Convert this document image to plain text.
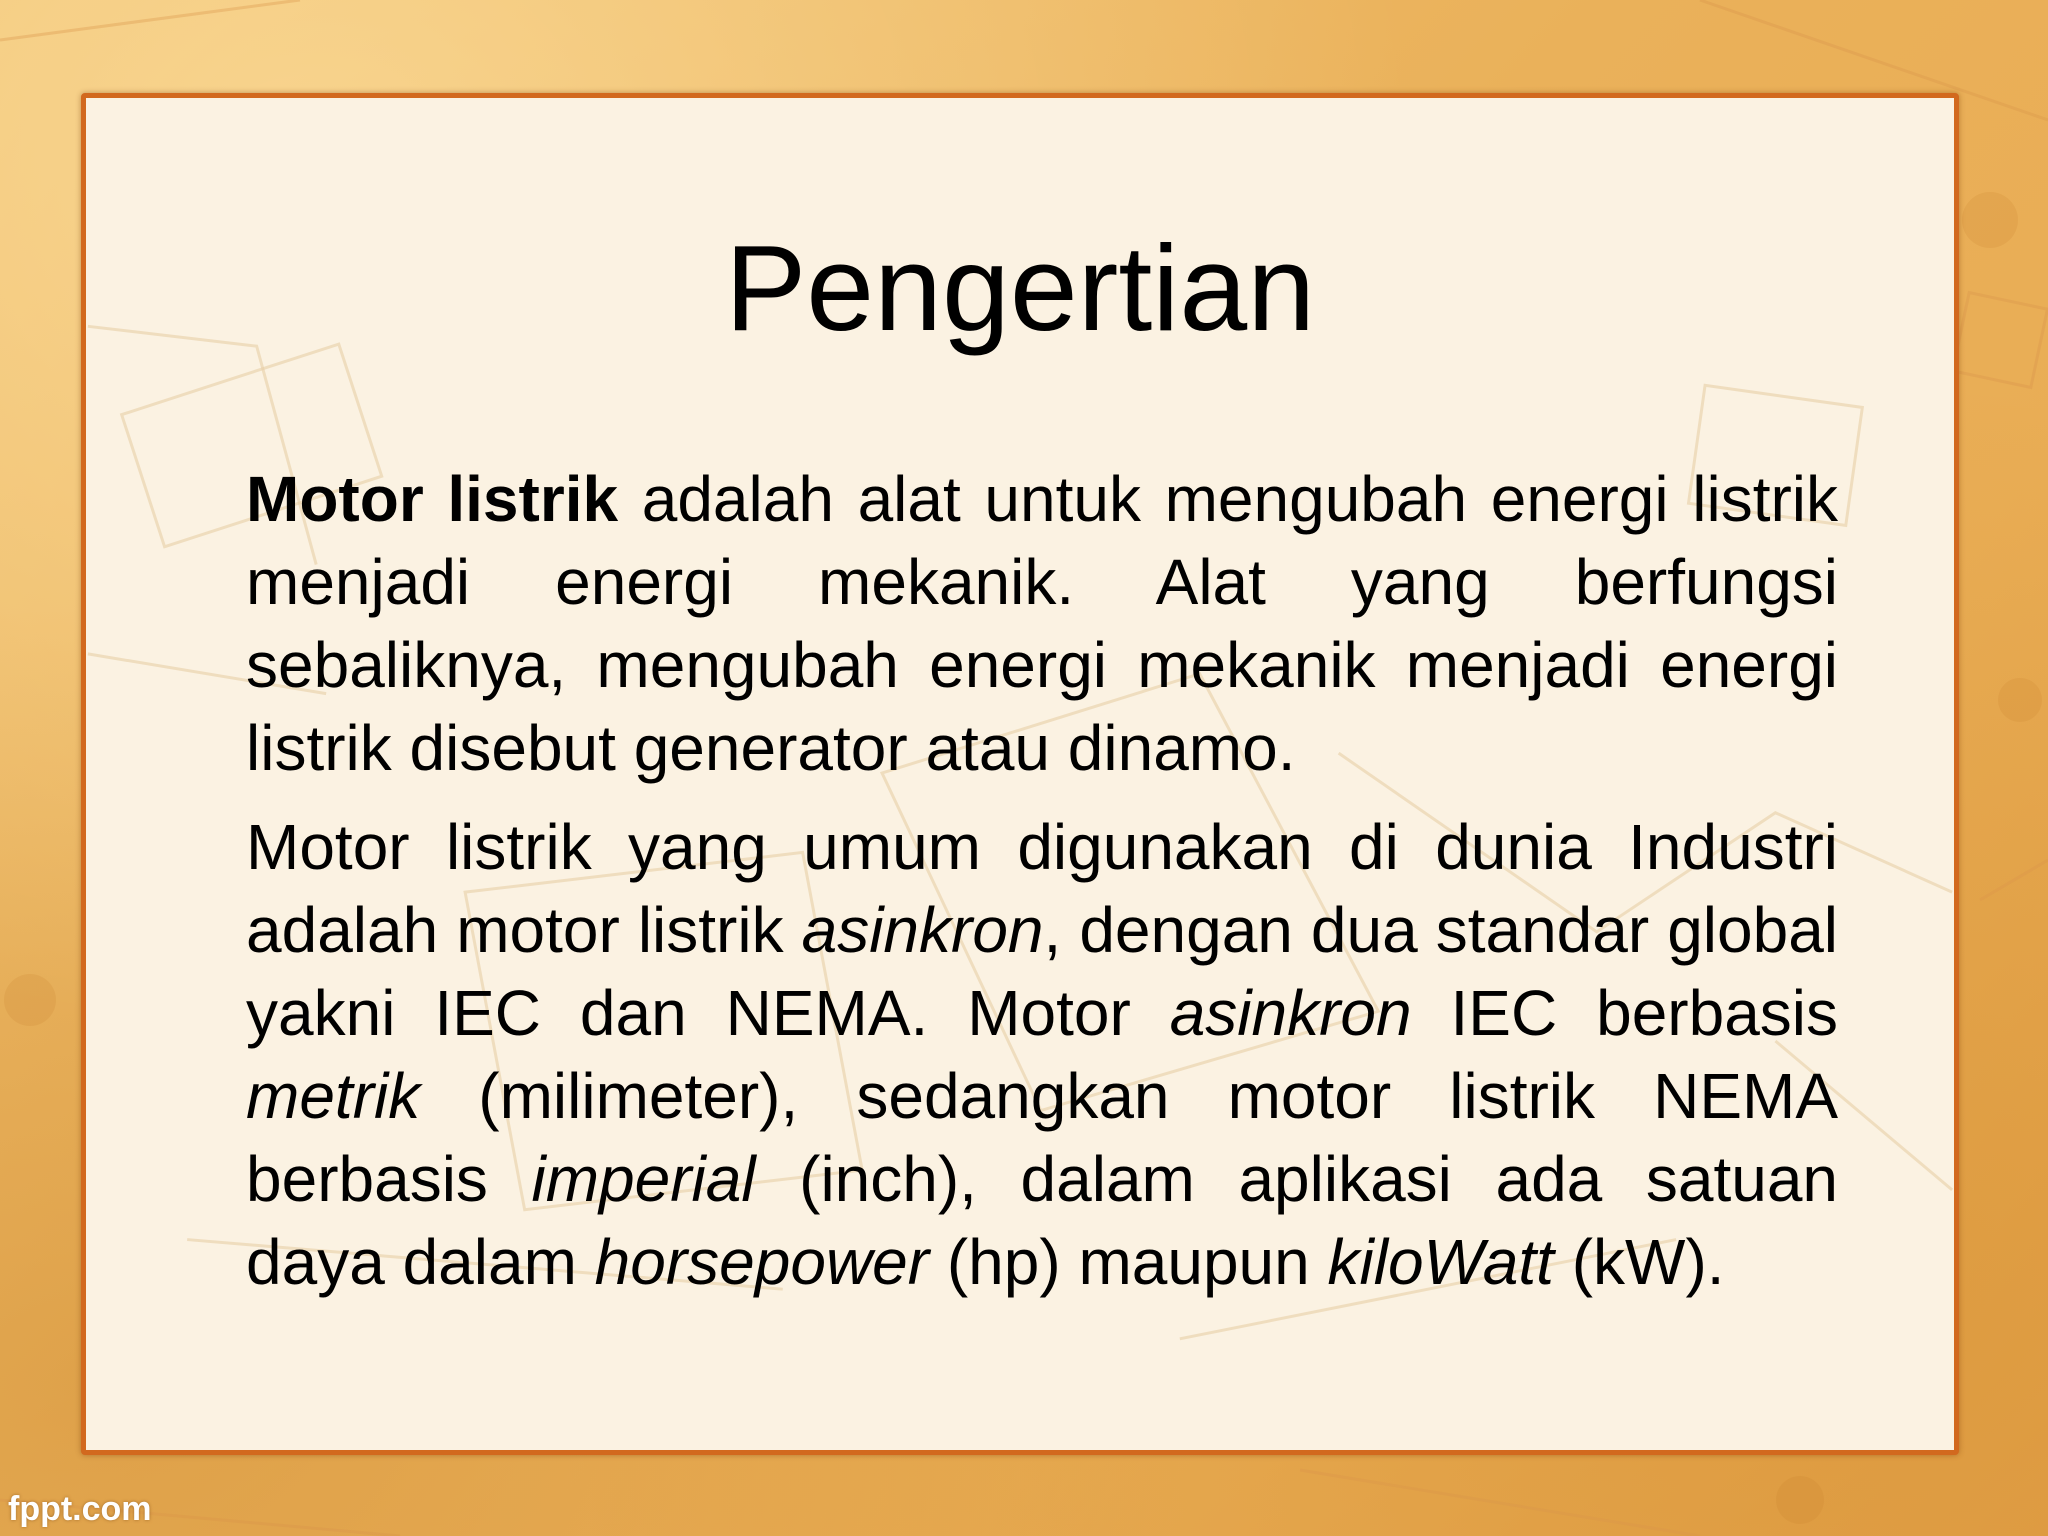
Pengertian

Motor listrik adalah alat untuk mengubah energi listrik menjadi energi mekanik. Alat yang berfungsi sebaliknya, mengubah energi mekanik menjadi energi listrik disebut generator atau dinamo.

Motor listrik yang umum digunakan di dunia Industri adalah motor listrik asinkron, dengan dua standar global yakni IEC dan NEMA. Motor asinkron IEC berbasis metrik (milimeter), sedangkan motor listrik NEMA berbasis imperial (inch), dalam aplikasi ada satuan daya dalam horsepower (hp) maupun kiloWatt (kW).

fppt.com
